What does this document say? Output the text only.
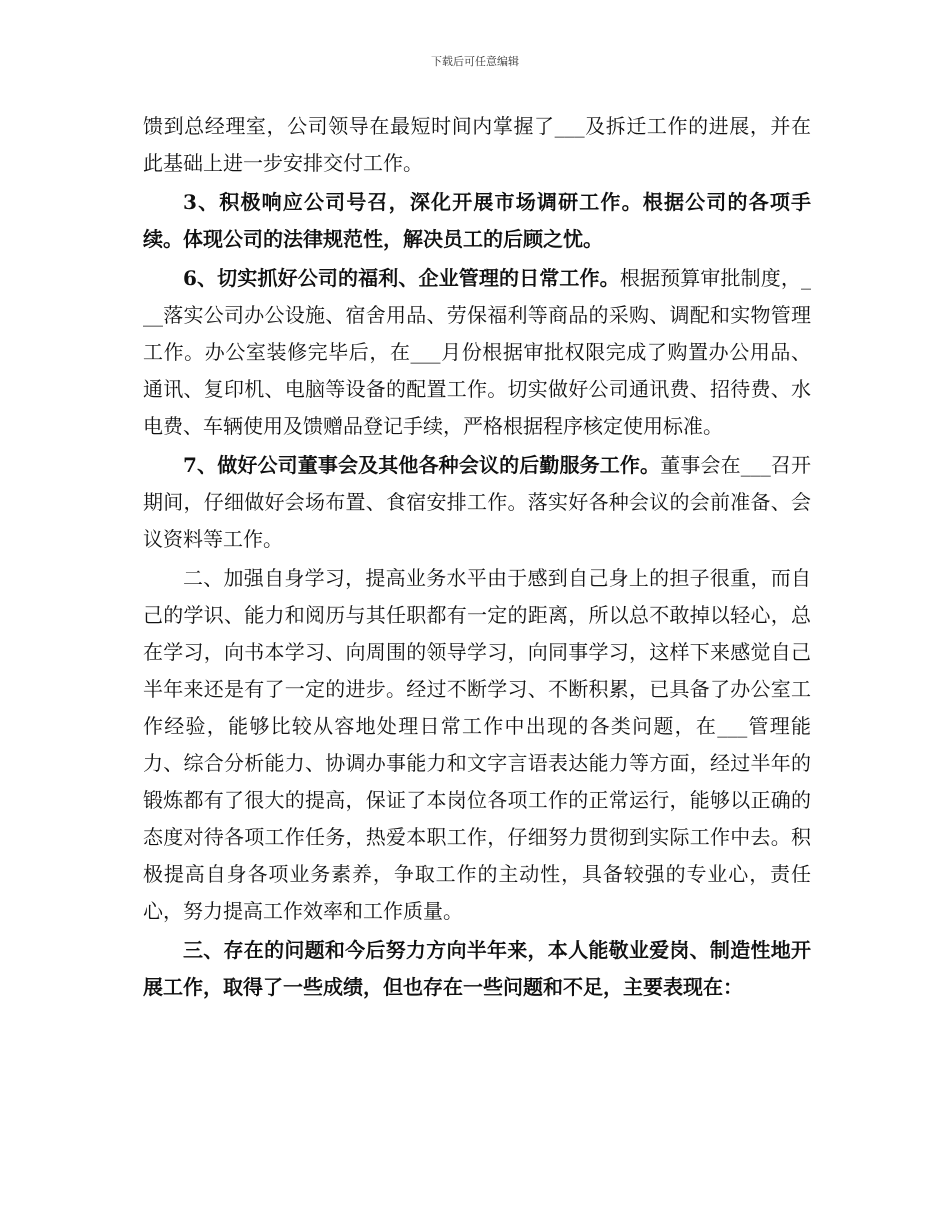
下载后可任意编辑

馈到总经理室，公司领导在最短时间内掌握了___及拆迁工作的进展，并在此基础上进一步安排交付工作。

3、积极响应公司号召，深化开展市场调研工作。根据公司的各项手续。体现公司的法律规范性，解决员工的后顾之忧。

6、切实抓好公司的福利、企业管理的日常工作。根据预算审批制度，___落实公司办公设施、宿舍用品、劳保福利等商品的采购、调配和实物管理工作。办公室装修完毕后，在___月份根据审批权限完成了购置办公用品、通讯、复印机、电脑等设备的配置工作。切实做好公司通讯费、招待费、水电费、车辆使用及馈赠品登记手续，严格根据程序核定使用标准。

7、做好公司董事会及其他各种会议的后勤服务工作。董事会在___召开期间，仔细做好会场布置、食宿安排工作。落实好各种会议的会前准备、会议资料等工作。

二、加强自身学习，提高业务水平由于感到自己身上的担子很重，而自己的学识、能力和阅历与其任职都有一定的距离，所以总不敢掉以轻心，总在学习，向书本学习、向周围的领导学习，向同事学习，这样下来感觉自己半年来还是有了一定的进步。经过不断学习、不断积累，已具备了办公室工作经验，能够比较从容地处理日常工作中出现的各类问题，在___管理能力、综合分析能力、协调办事能力和文字言语表达能力等方面，经过半年的锻炼都有了很大的提高，保证了本岗位各项工作的正常运行，能够以正确的态度对待各项工作任务，热爱本职工作，仔细努力贯彻到实际工作中去。积极提高自身各项业务素养，争取工作的主动性，具备较强的专业心，责任心，努力提高工作效率和工作质量。

三、存在的问题和今后努力方向半年来，本人能敬业爱岗、制造性地开展工作，取得了一些成绩，但也存在一些问题和不足，主要表现在：
